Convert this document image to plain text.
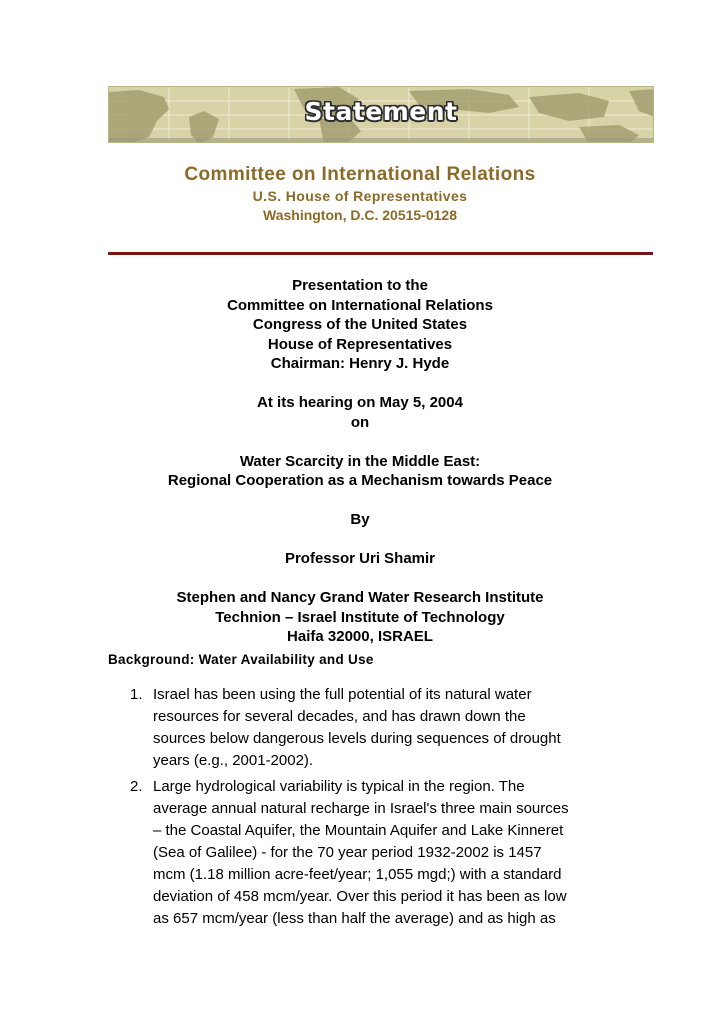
Statement
Committee on International Relations
U.S. House of Representatives
Washington, D.C. 20515-0128
Presentation to the
Committee on International Relations
Congress of the United States
House of Representatives
Chairman: Henry J. Hyde
At its hearing on May 5, 2004
on
Water Scarcity in the Middle East:
Regional Cooperation as a Mechanism towards Peace
By
Professor Uri Shamir
Stephen and Nancy Grand Water Research Institute
Technion – Israel Institute of Technology
Haifa 32000, ISRAEL
Background: Water Availability and Use
1. Israel has been using the full potential of its natural water
resources for several decades, and has drawn down the
sources below dangerous levels during sequences of drought
years (e.g., 2001-2002).
2. Large hydrological variability is typical in the region. The
average annual natural recharge in Israel's three main sources
– the Coastal Aquifer, the Mountain Aquifer and Lake Kinneret
(Sea of Galilee) - for the 70 year period 1932-2002 is 1457
mcm (1.18 million acre-feet/year; 1,055 mgd;) with a standard
deviation of 458 mcm/year. Over this period it has been as low
as 657 mcm/year (less than half the average) and as high as
